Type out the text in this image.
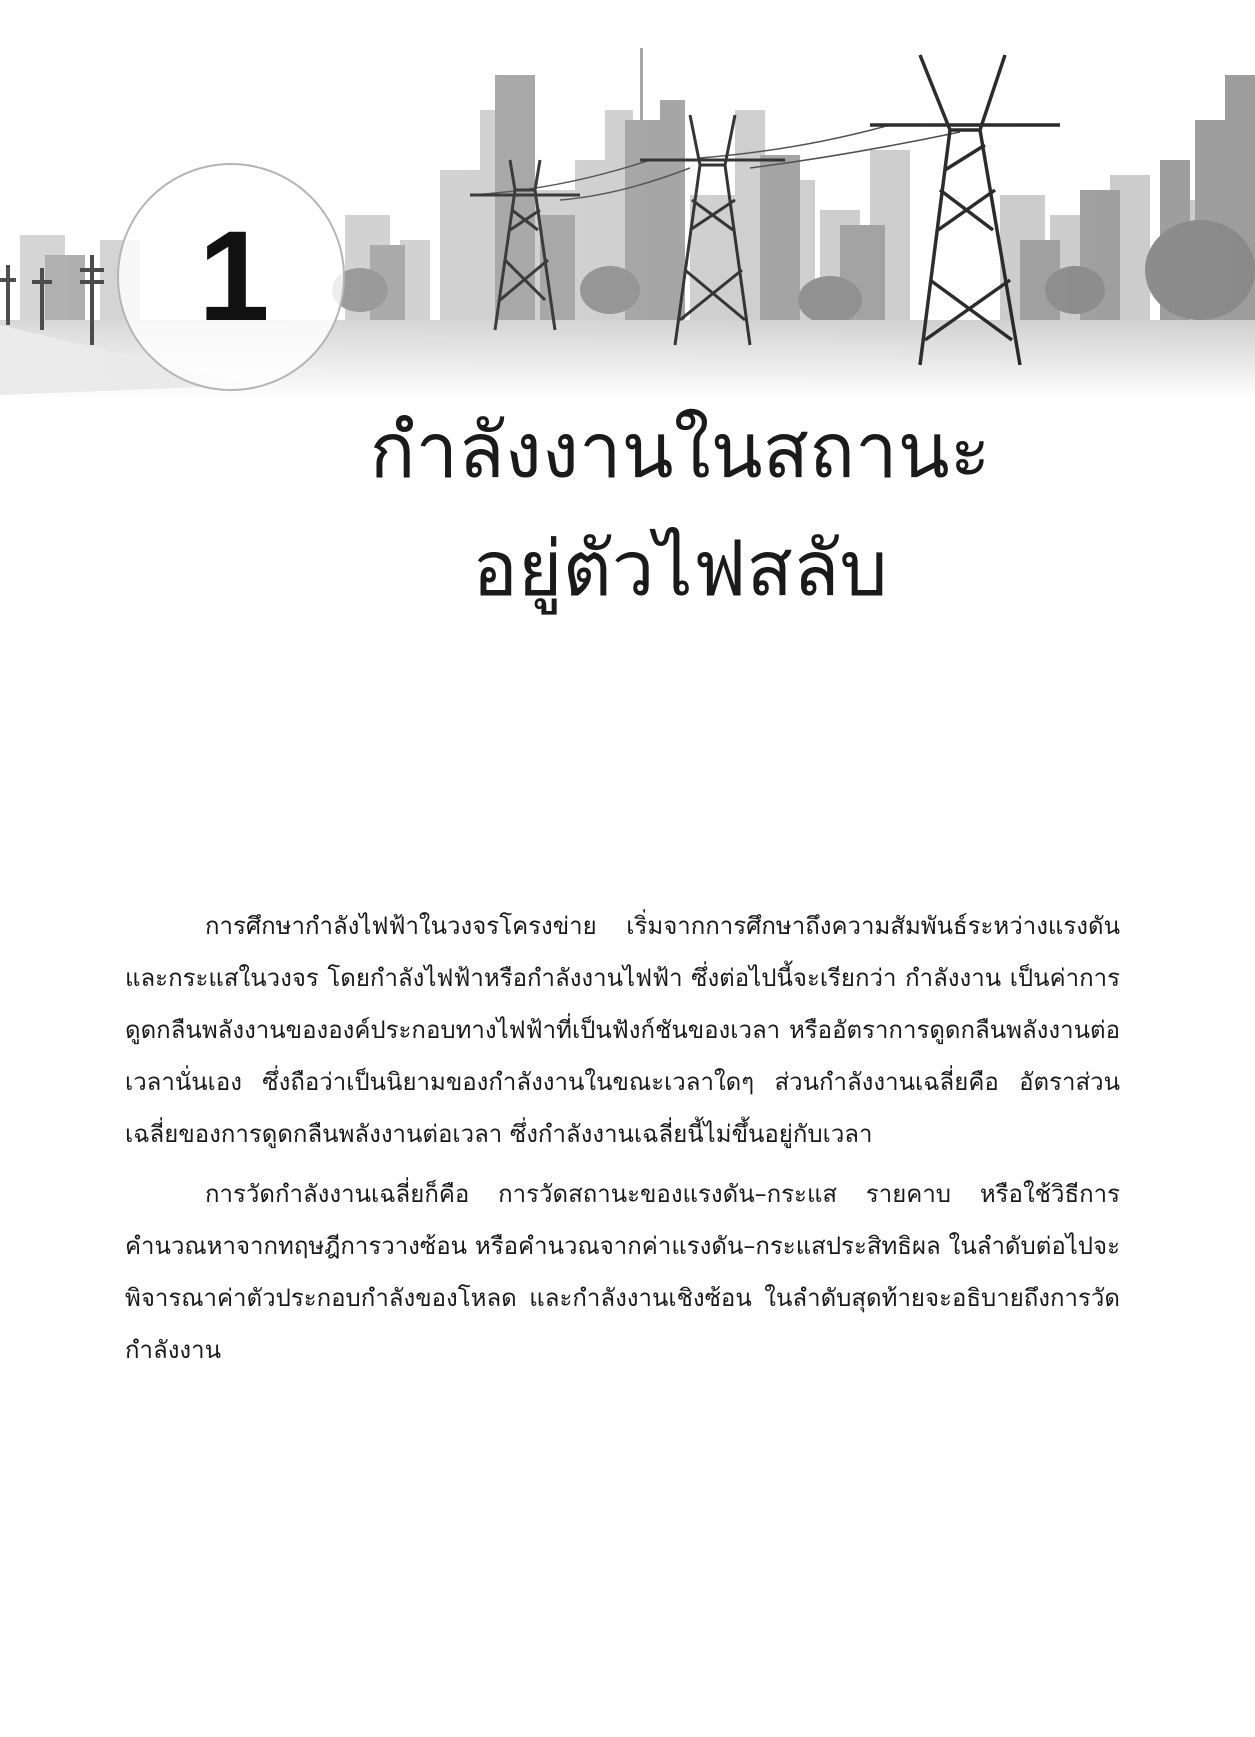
1
กำลังงานในสถานะ
อยู่ตัวไฟสลับ

การศึกษากำลังไฟฟ้าในวงจรโครงข่าย เริ่มจากการศึกษาถึงความสัมพันธ์ระหว่างแรงดันและกระแสในวงจร โดยกำลังไฟฟ้าหรือกำลังงานไฟฟ้า ซึ่งต่อไปนี้จะเรียกว่า กำลังงาน เป็นค่าการดูดกลืนพลังงานขององค์ประกอบทางไฟฟ้าที่เป็นฟังก์ชันของเวลา หรืออัตราการดูดกลืนพลังงานต่อเวลานั่นเอง ซึ่งถือว่าเป็นนิยามของกำลังงานในขณะเวลาใดๆ ส่วนกำลังงานเฉลี่ยคือ อัตราส่วนเฉลี่ยของการดูดกลืนพลังงานต่อเวลา ซึ่งกำลังงานเฉลี่ยนี้ไม่ขึ้นอยู่กับเวลา

การวัดกำลังงานเฉลี่ยก็คือ การวัดสถานะของแรงดัน–กระแส รายคาบ หรือใช้วิธีการคำนวณหาจากทฤษฎีการวางซ้อน หรือคำนวณจากค่าแรงดัน–กระแสประสิทธิผล ในลำดับต่อไปจะพิจารณาค่าตัวประกอบกำลังของโหลด และกำลังงานเชิงซ้อน ในลำดับสุดท้ายจะอธิบายถึงการวัดกำลังงาน
